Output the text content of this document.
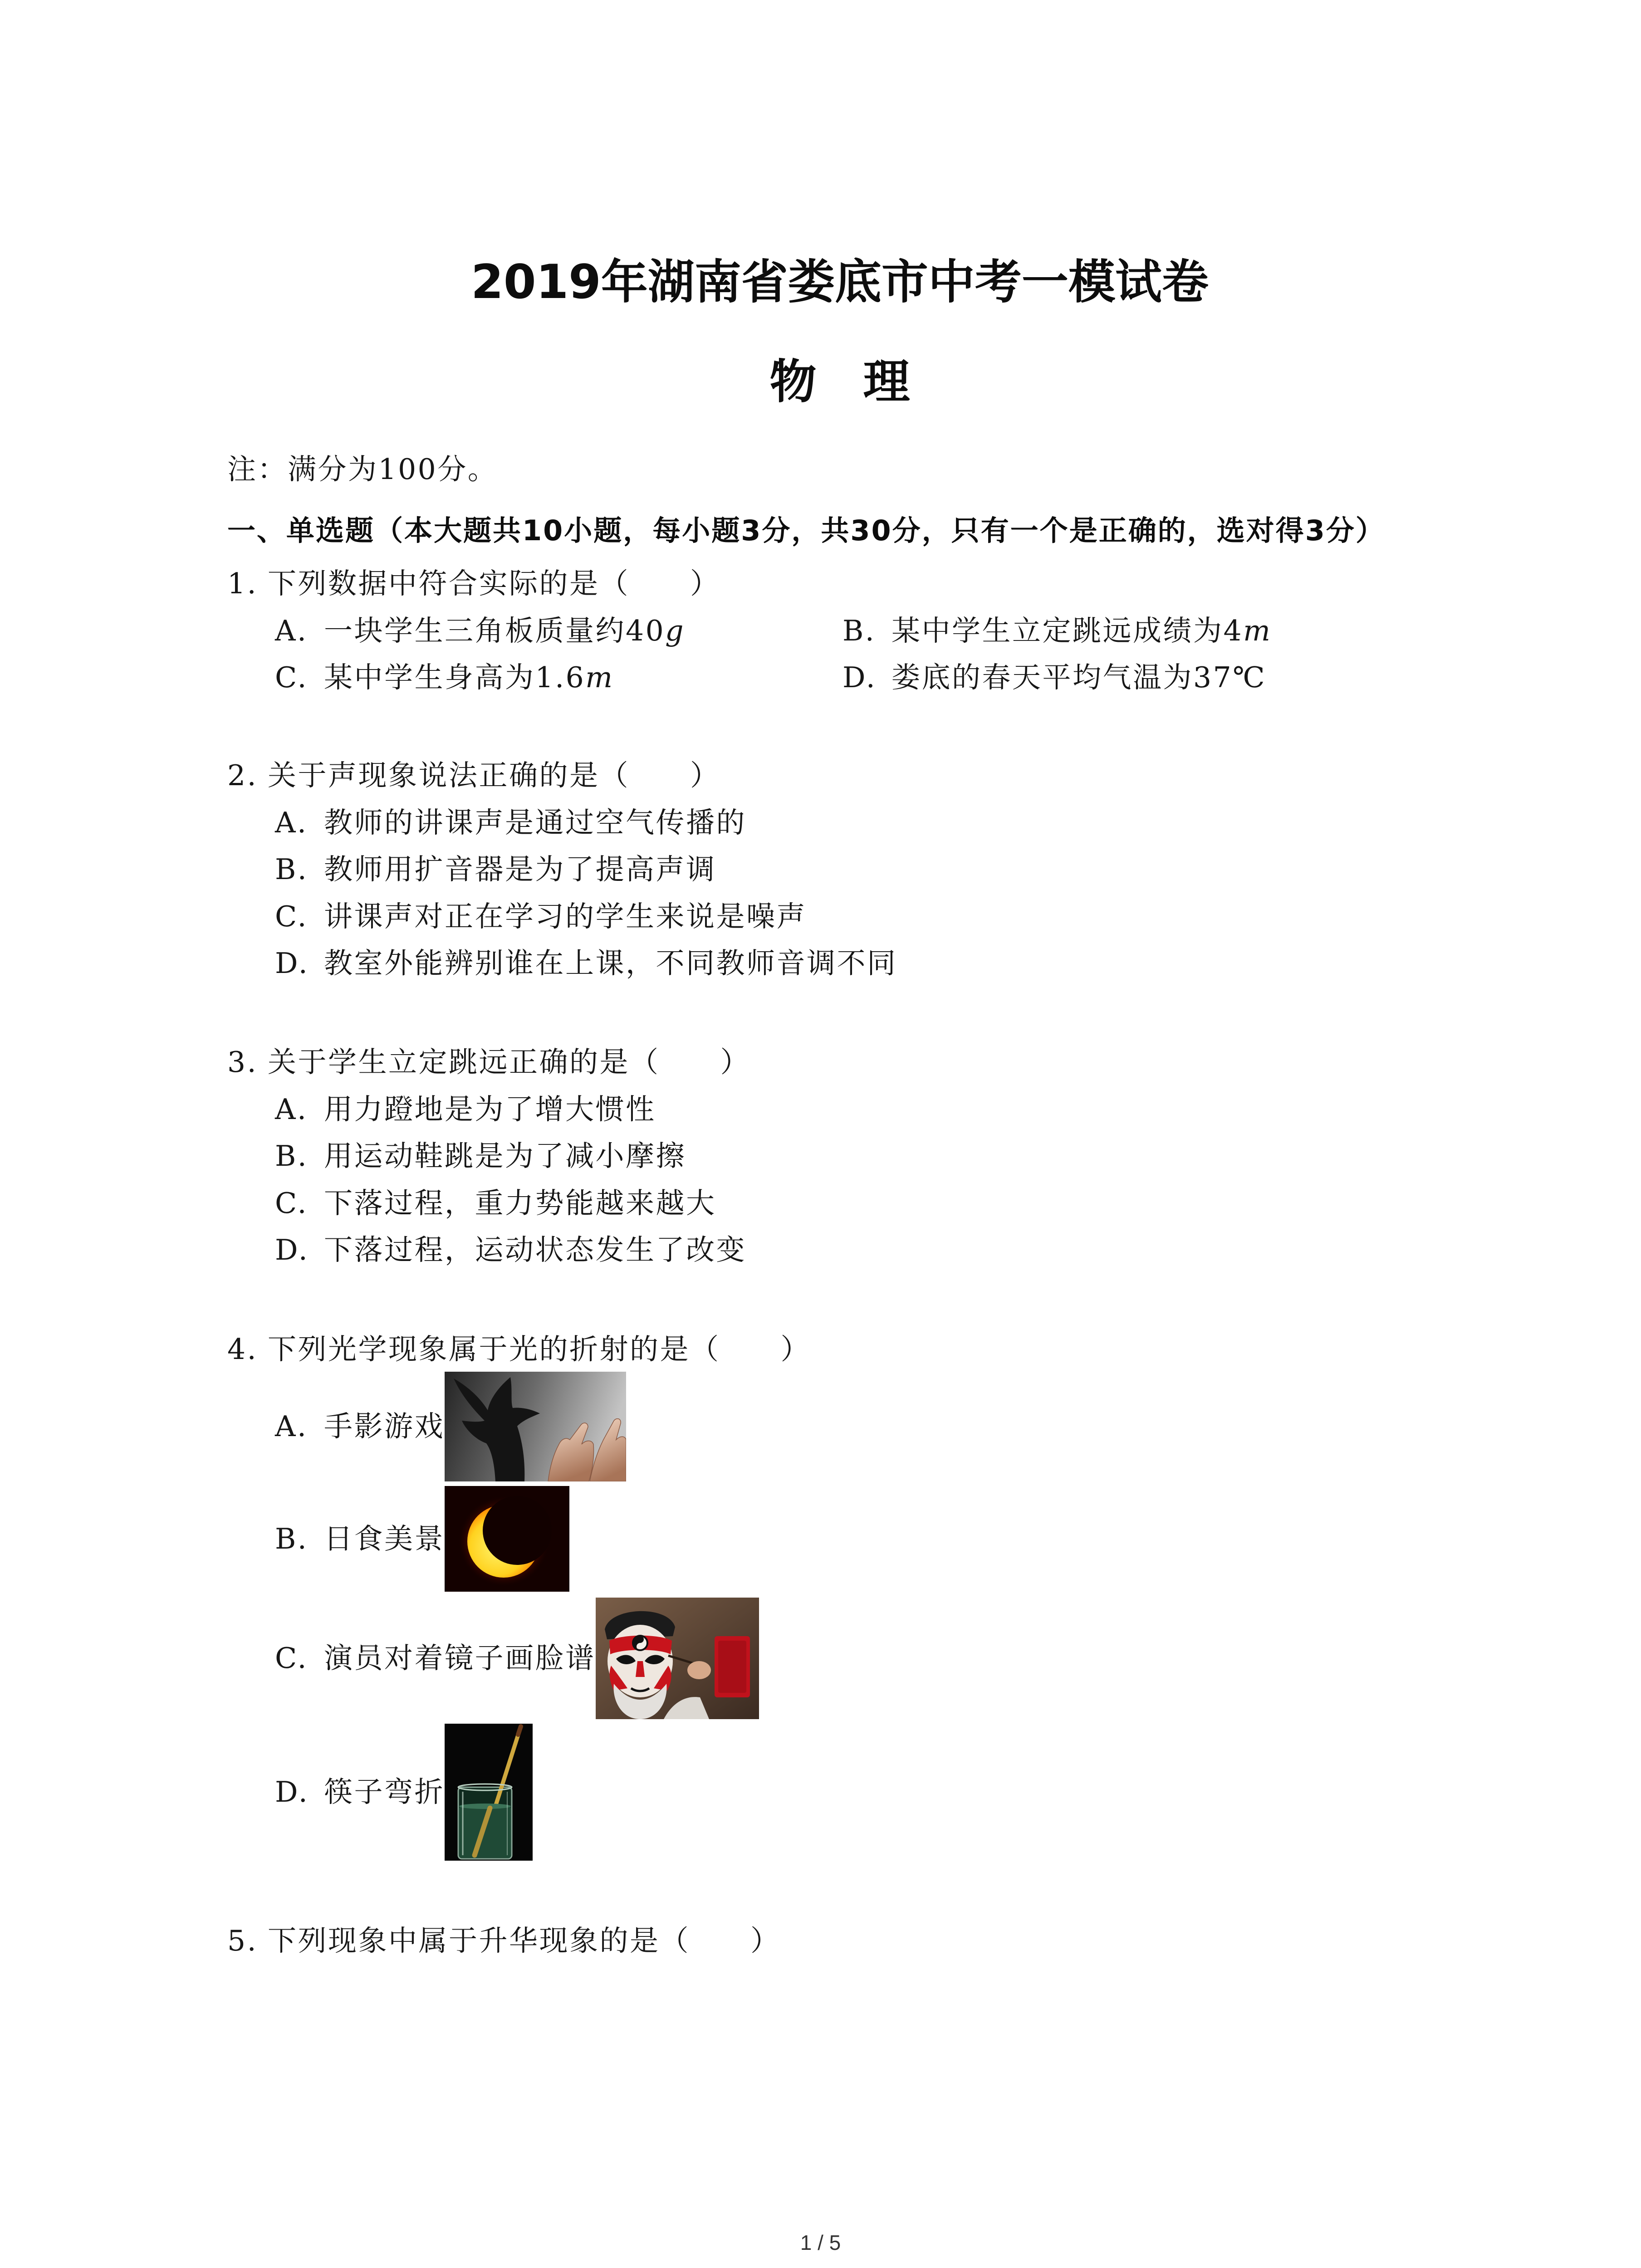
2019年湖南省娄底市中考一模试卷
物　理
注：满分为100分。
一、单选题（本大题共10小题，每小题3分，共30分，只有一个是正确的，选对得3分）
1. 下列数据中符合实际的是（　　）
A. 一块学生三角板质量约40g	B. 某中学生立定跳远成绩为4m
C. 某中学生身高为1.6m	D. 娄底的春天平均气温为37℃
2. 关于声现象说法正确的是（　　）
A. 教师的讲课声是通过空气传播的
B. 教师用扩音器是为了提高声调
C. 讲课声对正在学习的学生来说是噪声
D. 教室外能辨别谁在上课，不同教师音调不同
3. 关于学生立定跳远正确的是（　　）
A. 用力蹬地是为了增大惯性
B. 用运动鞋跳是为了减小摩擦
C. 下落过程，重力势能越来越大
D. 下落过程，运动状态发生了改变
4. 下列光学现象属于光的折射的是（　　）
A. 手影游戏
B. 日食美景
C. 演员对着镜子画脸谱
D. 筷子弯折
5. 下列现象中属于升华现象的是（　　）
1 / 5
